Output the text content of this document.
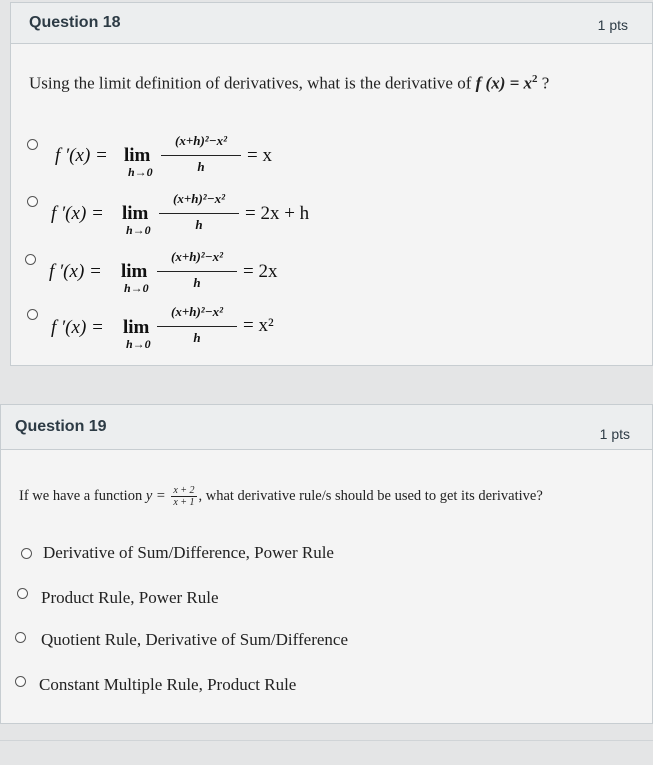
Question 18	1 pts
Using the limit definition of derivatives, what is the derivative of f $(x) = x^2$ ?
f ′(x) = lim
h→0
(x+h)²−x²
h
= x
f ′(x) = lim
h→0
(x+h)²−x²
h
= 2x + h
f ′(x) = lim
h→0
(x+h)²−x²
h
= 2x
f ′(x) = lim
h→0
(x+h)²−x²
h
= x²
Question 19	1 pts
If we have a function $y = \frac{x + 2}{x + 1}$ , what derivative rule/s should be used to get its derivative?
Derivative of Sum/Difference, Power Rule
Product Rule, Power Rule
Quotient Rule, Derivative of Sum/Difference
Constant Multiple Rule, Product Rule
